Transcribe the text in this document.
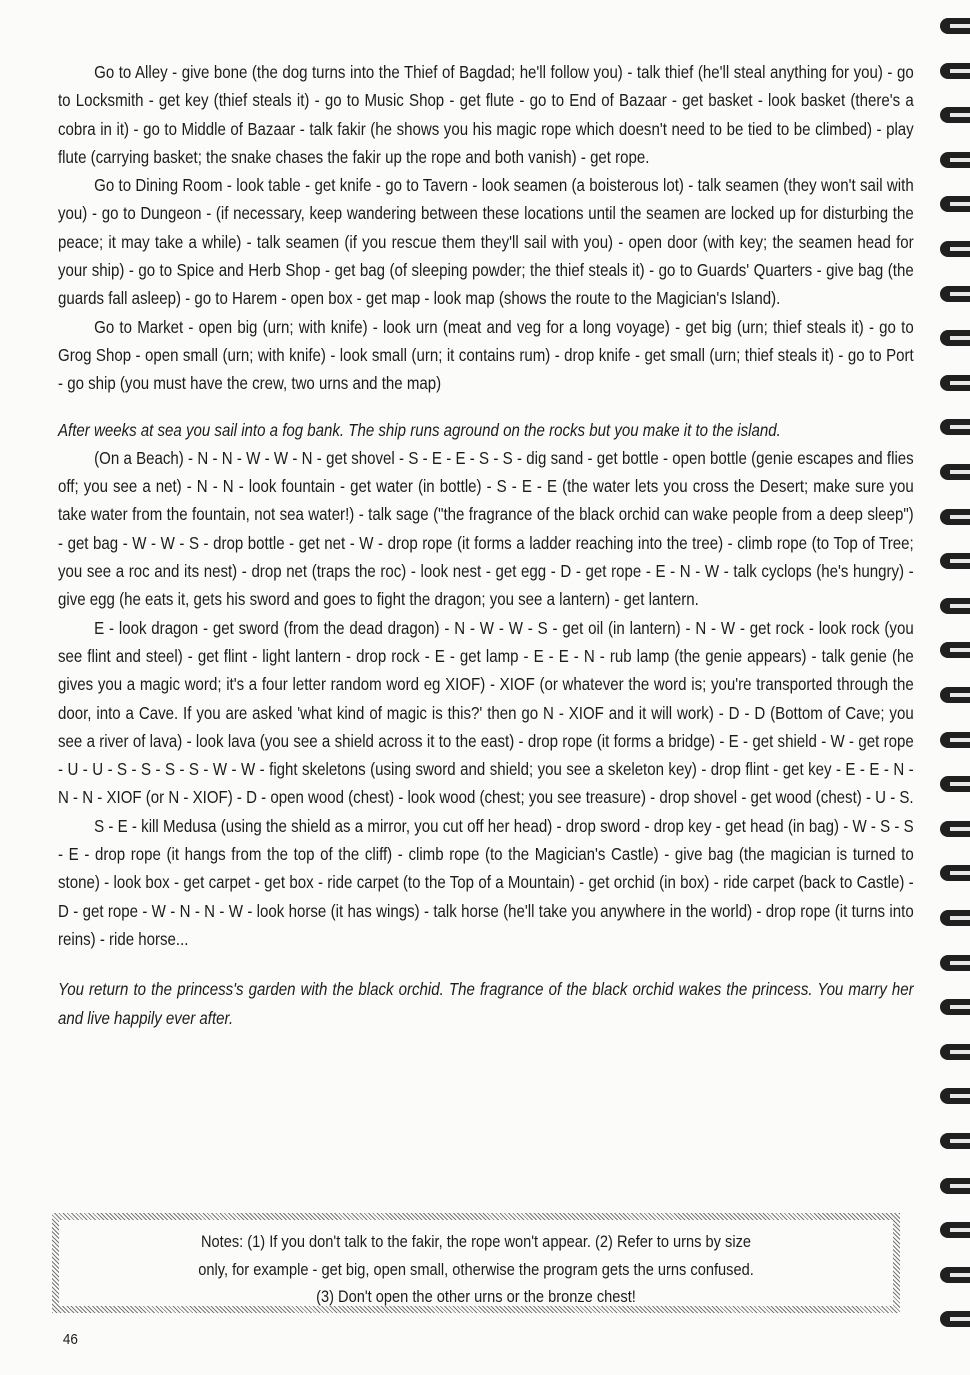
Go to Alley - give bone (the dog turns into the Thief of Bagdad; he'll follow you) - talk thief (he'll steal anything for you) - go to Locksmith - get key (thief steals it) - go to Music Shop - get flute - go to End of Bazaar - get basket - look basket (there's a cobra in it) - go to Middle of Bazaar - talk fakir (he shows you his magic rope which doesn't need to be tied to be climbed) - play flute (carrying basket; the snake chases the fakir up the rope and both vanish) - get rope.

Go to Dining Room - look table - get knife - go to Tavern - look seamen (a boisterous lot) - talk seamen (they won't sail with you) - go to Dungeon - (if necessary, keep wandering between these locations until the seamen are locked up for disturbing the peace; it may take a while) - talk seamen (if you rescue them they'll sail with you) - open door (with key; the seamen head for your ship) - go to Spice and Herb Shop - get bag (of sleeping powder; the thief steals it) - go to Guards' Quarters - give bag (the guards fall asleep) - go to Harem - open box - get map - look map (shows the route to the Magician's Island).

Go to Market - open big (urn; with knife) - look urn (meat and veg for a long voyage) - get big (urn; thief steals it) - go to Grog Shop - open small (urn; with knife) - look small (urn; it contains rum) - drop knife - get small (urn; thief steals it) - go to Port - go ship (you must have the crew, two urns and the map)

After weeks at sea you sail into a fog bank. The ship runs aground on the rocks but you make it to the island.

(On a Beach) - N - N - W - W - N - get shovel - S - E - E - S - S - dig sand - get bottle - open bottle (genie escapes and flies off; you see a net) - N - N - look fountain - get water (in bottle) - S - E - E (the water lets you cross the Desert; make sure you take water from the fountain, not sea water!) - talk sage ("the fragrance of the black orchid can wake people from a deep sleep") - get bag - W - W - S - drop bottle - get net - W - drop rope (it forms a ladder reaching into the tree) - climb rope (to Top of Tree; you see a roc and its nest) - drop net (traps the roc) - look nest - get egg - D - get rope - E - N - W - talk cyclops (he's hungry) - give egg (he eats it, gets his sword and goes to fight the dragon; you see a lantern) - get lantern.

E - look dragon - get sword (from the dead dragon) - N - W - W - S - get oil (in lantern) - N - W - get rock - look rock (you see flint and steel) - get flint - light lantern - drop rock - E - get lamp - E - E - N - rub lamp (the genie appears) - talk genie (he gives you a magic word; it's a four letter random word eg XIOF) - XIOF (or whatever the word is; you're transported through the door, into a Cave. If you are asked 'what kind of magic is this?' then go N - XIOF and it will work) - D - D (Bottom of Cave; you see a river of lava) - look lava (you see a shield across it to the east) - drop rope (it forms a bridge) - E - get shield - W - get rope - U - U - S - S - S - S - W - W - fight skeletons (using sword and shield; you see a skeleton key) - drop flint - get key - E - E - N - N - N - XIOF (or N - XIOF) - D - open wood (chest) - look wood (chest; you see treasure) - drop shovel - get wood (chest) - U - S.

S - E - kill Medusa (using the shield as a mirror, you cut off her head) - drop sword - drop key - get head (in bag) - W - S - S - E - drop rope (it hangs from the top of the cliff) - climb rope (to the Magician's Castle) - give bag (the magician is turned to stone) - look box - get carpet - get box - ride carpet (to the Top of a Mountain) - get orchid (in box) - ride carpet (back to Castle) - D - get rope - W - N - N - W - look horse (it has wings) - talk horse (he'll take you anywhere in the world) - drop rope (it turns into reins) - ride horse...

You return to the princess's garden with the black orchid. The fragrance of the black orchid wakes the princess. You marry her and live happily ever after.

Notes: (1) If you don't talk to the fakir, the rope won't appear. (2) Refer to urns by size
only, for example - get big, open small, otherwise the program gets the urns confused.
(3) Don't open the other urns or the bronze chest!
46
